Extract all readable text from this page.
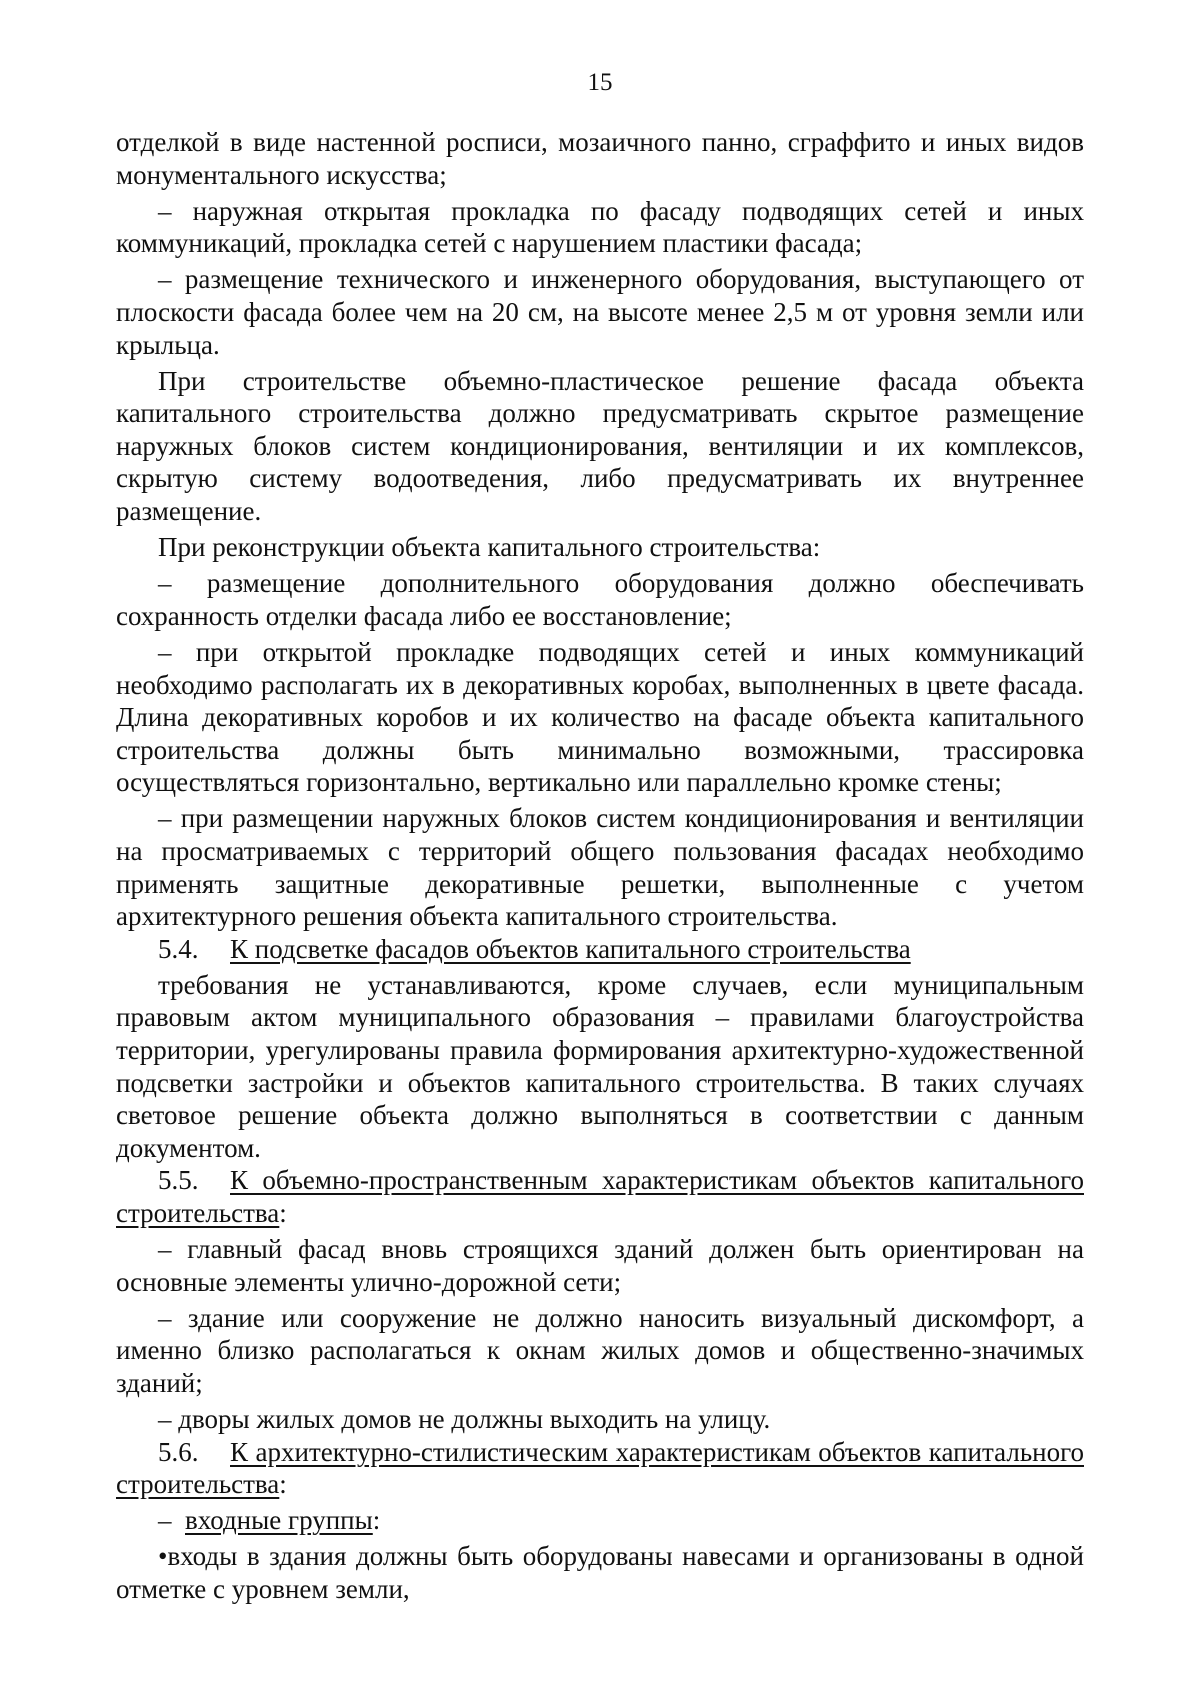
15

отделкой в виде настенной росписи, мозаичного панно, сграффито и иных видов монументального искусства;

– наружная открытая прокладка по фасаду подводящих сетей и иных коммуникаций, прокладка сетей с нарушением пластики фасада;

– размещение технического и инженерного оборудования, выступающего от плоскости фасада более чем на 20 см, на высоте менее 2,5 м от уровня земли или крыльца.

При строительстве объемно-пластическое решение фасада объекта капитального строительства должно предусматривать скрытое размещение наружных блоков систем кондиционирования, вентиляции и их комплексов, скрытую систему водоотведения, либо предусматривать их внутреннее размещение.

При реконструкции объекта капитального строительства:

– размещение дополнительного оборудования должно обеспечивать сохранность отделки фасада либо ее восстановление;

– при открытой прокладке подводящих сетей и иных коммуникаций необходимо располагать их в декоративных коробах, выполненных в цвете фасада. Длина декоративных коробов и их количество на фасаде объекта капитального строительства должны быть минимально возможными, трассировка осуществляться горизонтально, вертикально или параллельно кромке стены;

– при размещении наружных блоков систем кондиционирования и вентиляции на просматриваемых с территорий общего пользования фасадах необходимо применять защитные декоративные решетки, выполненные с учетом архитектурного решения объекта капитального строительства.

5.4. К подсветке фасадов объектов капитального строительства

требования не устанавливаются, кроме случаев, если муниципальным правовым актом муниципального образования – правилами благоустройства территории, урегулированы правила формирования архитектурно-художественной подсветки застройки и объектов капитального строительства. В таких случаях световое решение объекта должно выполняться в соответствии с данным документом.

5.5. К объемно-пространственным характеристикам объектов капитального строительства:

– главный фасад вновь строящихся зданий должен быть ориентирован на основные элементы улично-дорожной сети;

– здание или сооружение не должно наносить визуальный дискомфорт, а именно близко располагаться к окнам жилых домов и общественно-значимых зданий;

– дворы жилых домов не должны выходить на улицу.

5.6. К архитектурно-стилистическим характеристикам объектов капитального строительства:

–  входные группы:

•входы в здания должны быть оборудованы навесами и организованы в одной отметке с уровнем земли,
